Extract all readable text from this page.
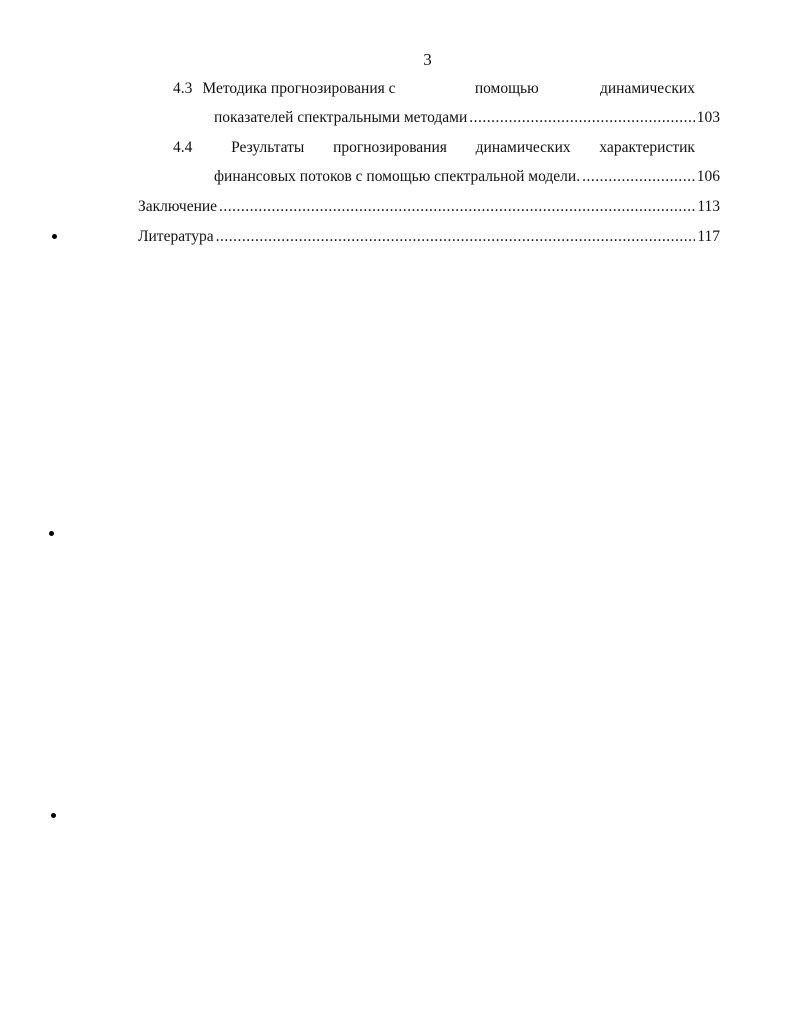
3
4.3 Методика прогнозирования с	помощью	динамических
показателей спектральными методами .....	103
4.4	Результаты прогнозирования динамических характеристик
финансовых потоков с помощью спектральной модели. .....	106
Заключение .....	113
Литература .....	117
